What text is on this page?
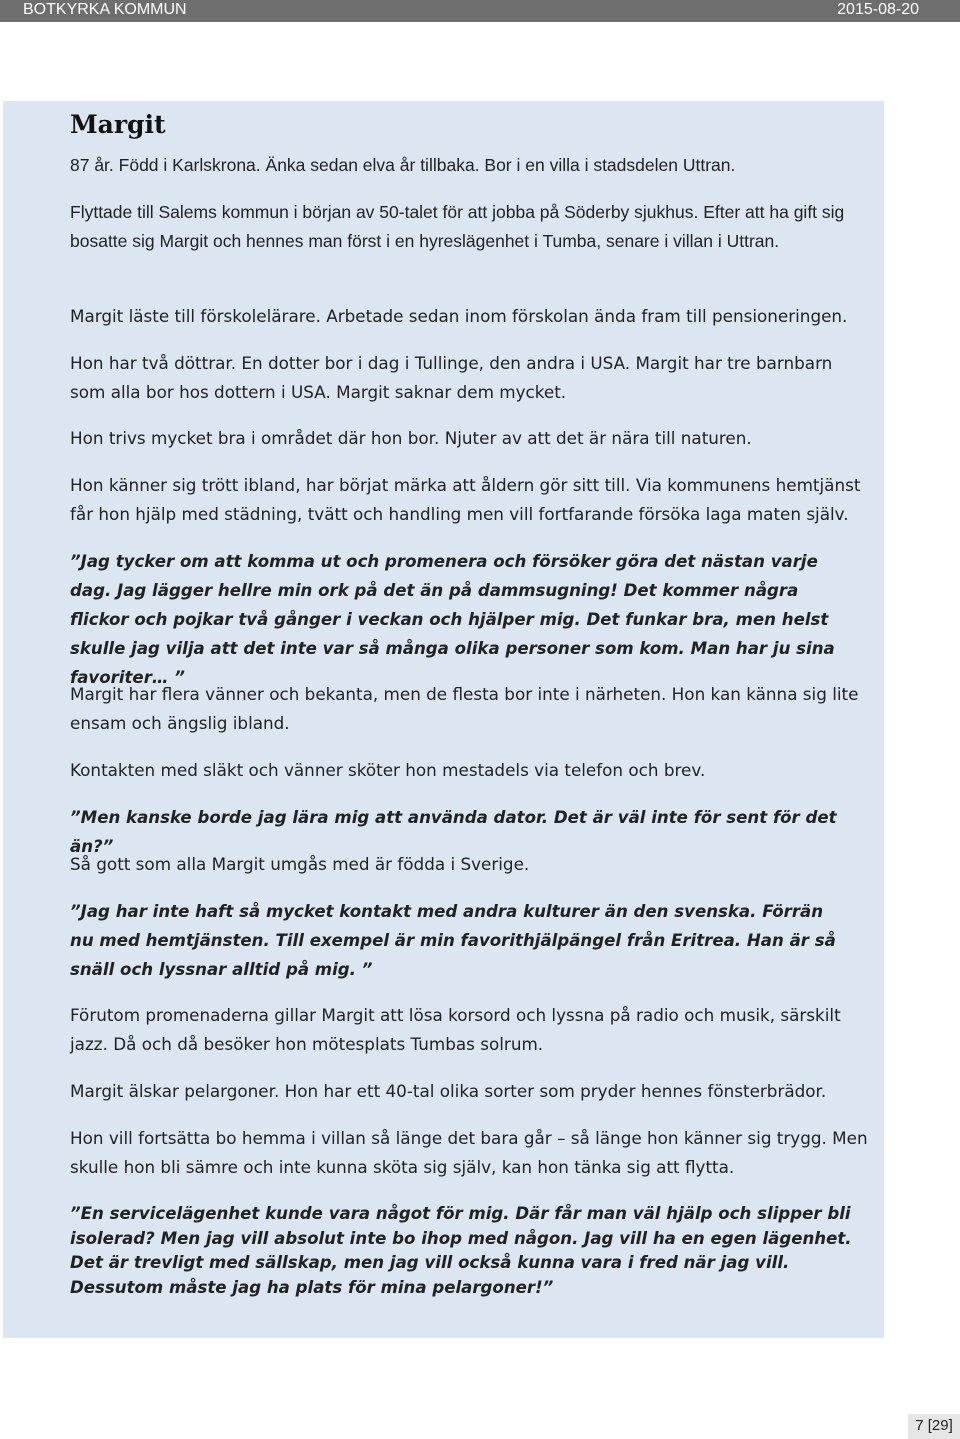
BOTKYRKA KOMMUN	2015-08-20
Margit

87 år. Född i Karlskrona. Änka sedan elva år tillbaka. Bor i en villa i stadsdelen Uttran.

Flyttade till Salems kommun i början av 50-talet för att jobba på Söderby sjukhus. Efter att ha gift sig bosatte sig Margit och hennes man först i en hyreslägenhet i Tumba, senare i villan i Uttran.

Margit läste till förskolelärare. Arbetade sedan inom förskolan ända fram till pensioneringen.

Hon har två döttrar. En dotter bor i dag i Tullinge, den andra i USA. Margit har tre barnbarn som alla bor hos dottern i USA. Margit saknar dem mycket.

Hon trivs mycket bra i området där hon bor. Njuter av att det är nära till naturen.

Hon känner sig trött ibland, har börjat märka att åldern gör sitt till. Via kommunens hemtjänst får hon hjälp med städning, tvätt och handling men vill fortfarande försöka laga maten själv.

”Jag tycker om att komma ut och promenera och försöker göra det nästan varje dag. Jag lägger hellre min ork på det än på dammsugning! Det kommer några flickor och pojkar två gånger i veckan och hjälper mig. Det funkar bra, men helst skulle jag vilja att det inte var så många olika personer som kom. Man har ju sina favoriter… ”

Margit har flera vänner och bekanta, men de flesta bor inte i närheten. Hon kan känna sig lite ensam och ängslig ibland.

Kontakten med släkt och vänner sköter hon mestadels via telefon och brev.

”Men kanske borde jag lära mig att använda dator. Det är väl inte för sent för det än?”

Så gott som alla Margit umgås med är födda i Sverige.

”Jag har inte haft så mycket kontakt med andra kulturer än den svenska. Förrän nu med hemtjänsten. Till exempel är min favorithjälpängel från Eritrea. Han är så snäll och lyssnar alltid på mig. ”

Förutom promenaderna gillar Margit att lösa korsord och lyssna på radio och musik, särskilt jazz. Då och då besöker hon mötesplats Tumbas solrum.

Margit älskar pelargoner. Hon har ett 40-tal olika sorter som pryder hennes fönsterbrädor.

Hon vill fortsätta bo hemma i villan så länge det bara går – så länge hon känner sig trygg. Men skulle hon bli sämre och inte kunna sköta sig själv, kan hon tänka sig att flytta.

”En servicelägenhet kunde vara något för mig. Där får man väl hjälp och slipper bli isolerad? Men jag vill absolut inte bo ihop med någon. Jag vill ha en egen lägenhet. Det är trevligt med sällskap, men jag vill också kunna vara i fred när jag vill. Dessutom måste jag ha plats för mina pelargoner!”

7 [29]
